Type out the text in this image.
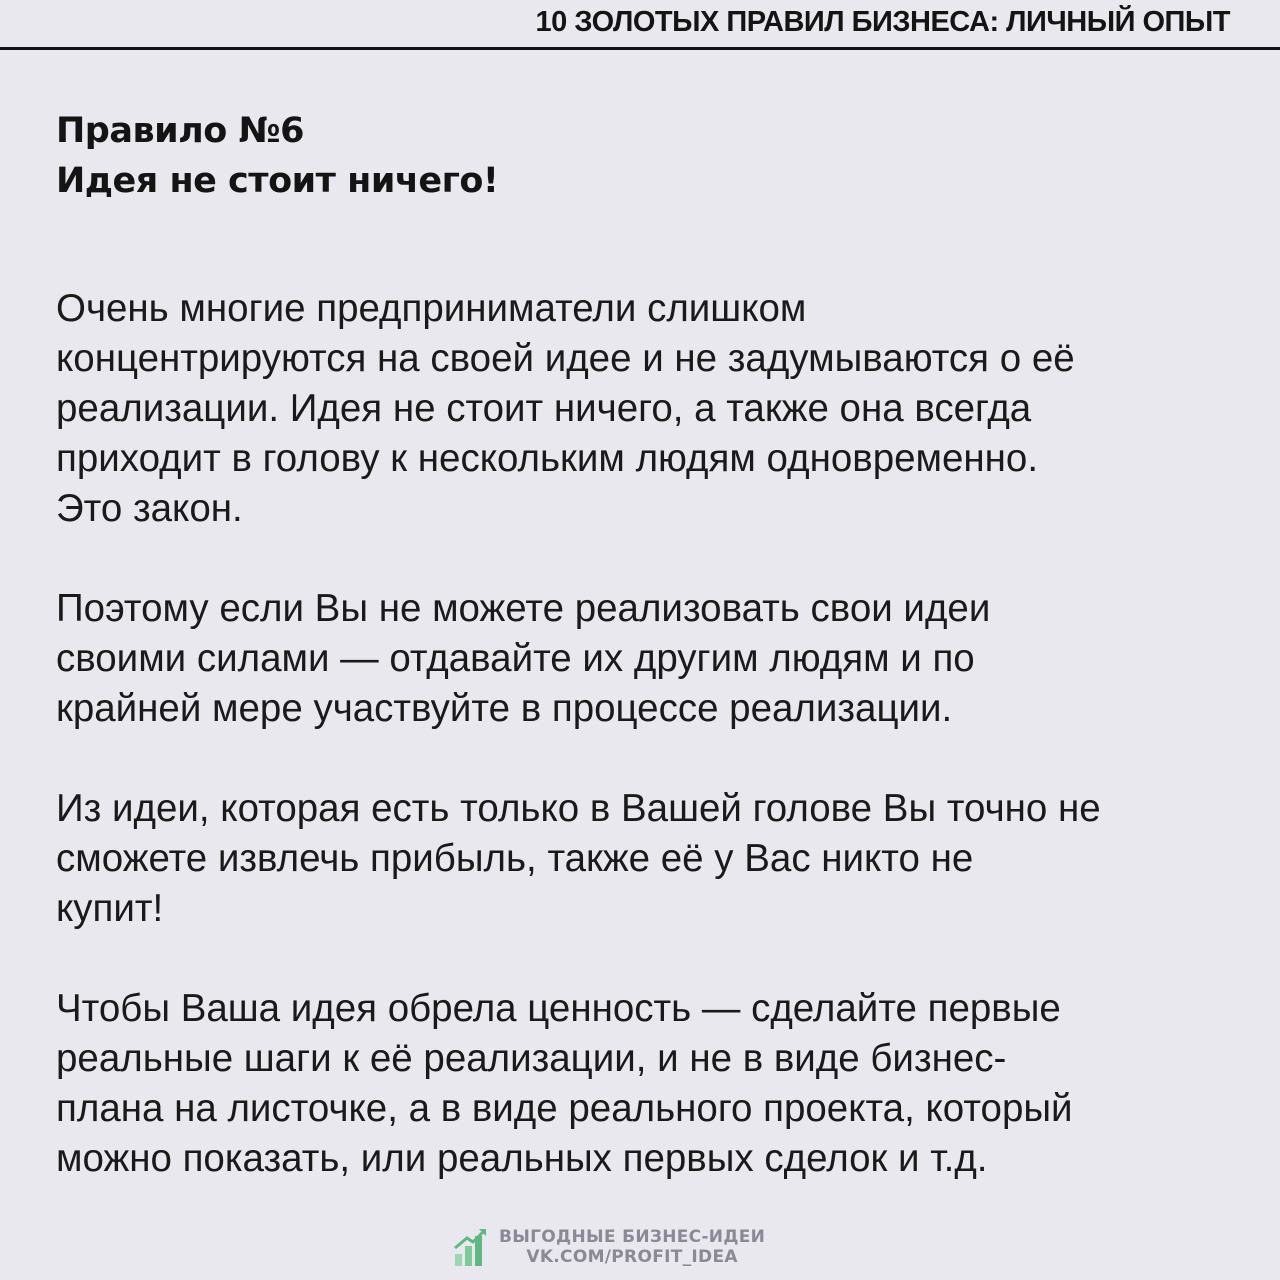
10 ЗОЛОТЫХ ПРАВИЛ БИЗНЕСА: ЛИЧНЫЙ ОПЫТ
Правило №6
Идея не стоит ничего!

Очень многие предприниматели слишком
концентрируются на своей идее и не задумываются о её
реализации. Идея не стоит ничего, а также она всегда
приходит в голову к нескольким людям одновременно.
Это закон.

Поэтому если Вы не можете реализовать свои идеи
своими силами — отдавайте их другим людям и по
крайней мере участвуйте в процессе реализации.

Из идеи, которая есть только в Вашей голове Вы точно не
сможете извлечь прибыль, также её у Вас никто не
купит!

Чтобы Ваша идея обрела ценность — сделайте первые
реальные шаги к её реализации, и не в виде бизнес-
плана на листочке, а в виде реального проекта, который
можно показать, или реальных первых сделок и т.д.

ВЫГОДНЫЕ БИЗНЕС-ИДЕИ
VK.COM/PROFIT_IDEA
